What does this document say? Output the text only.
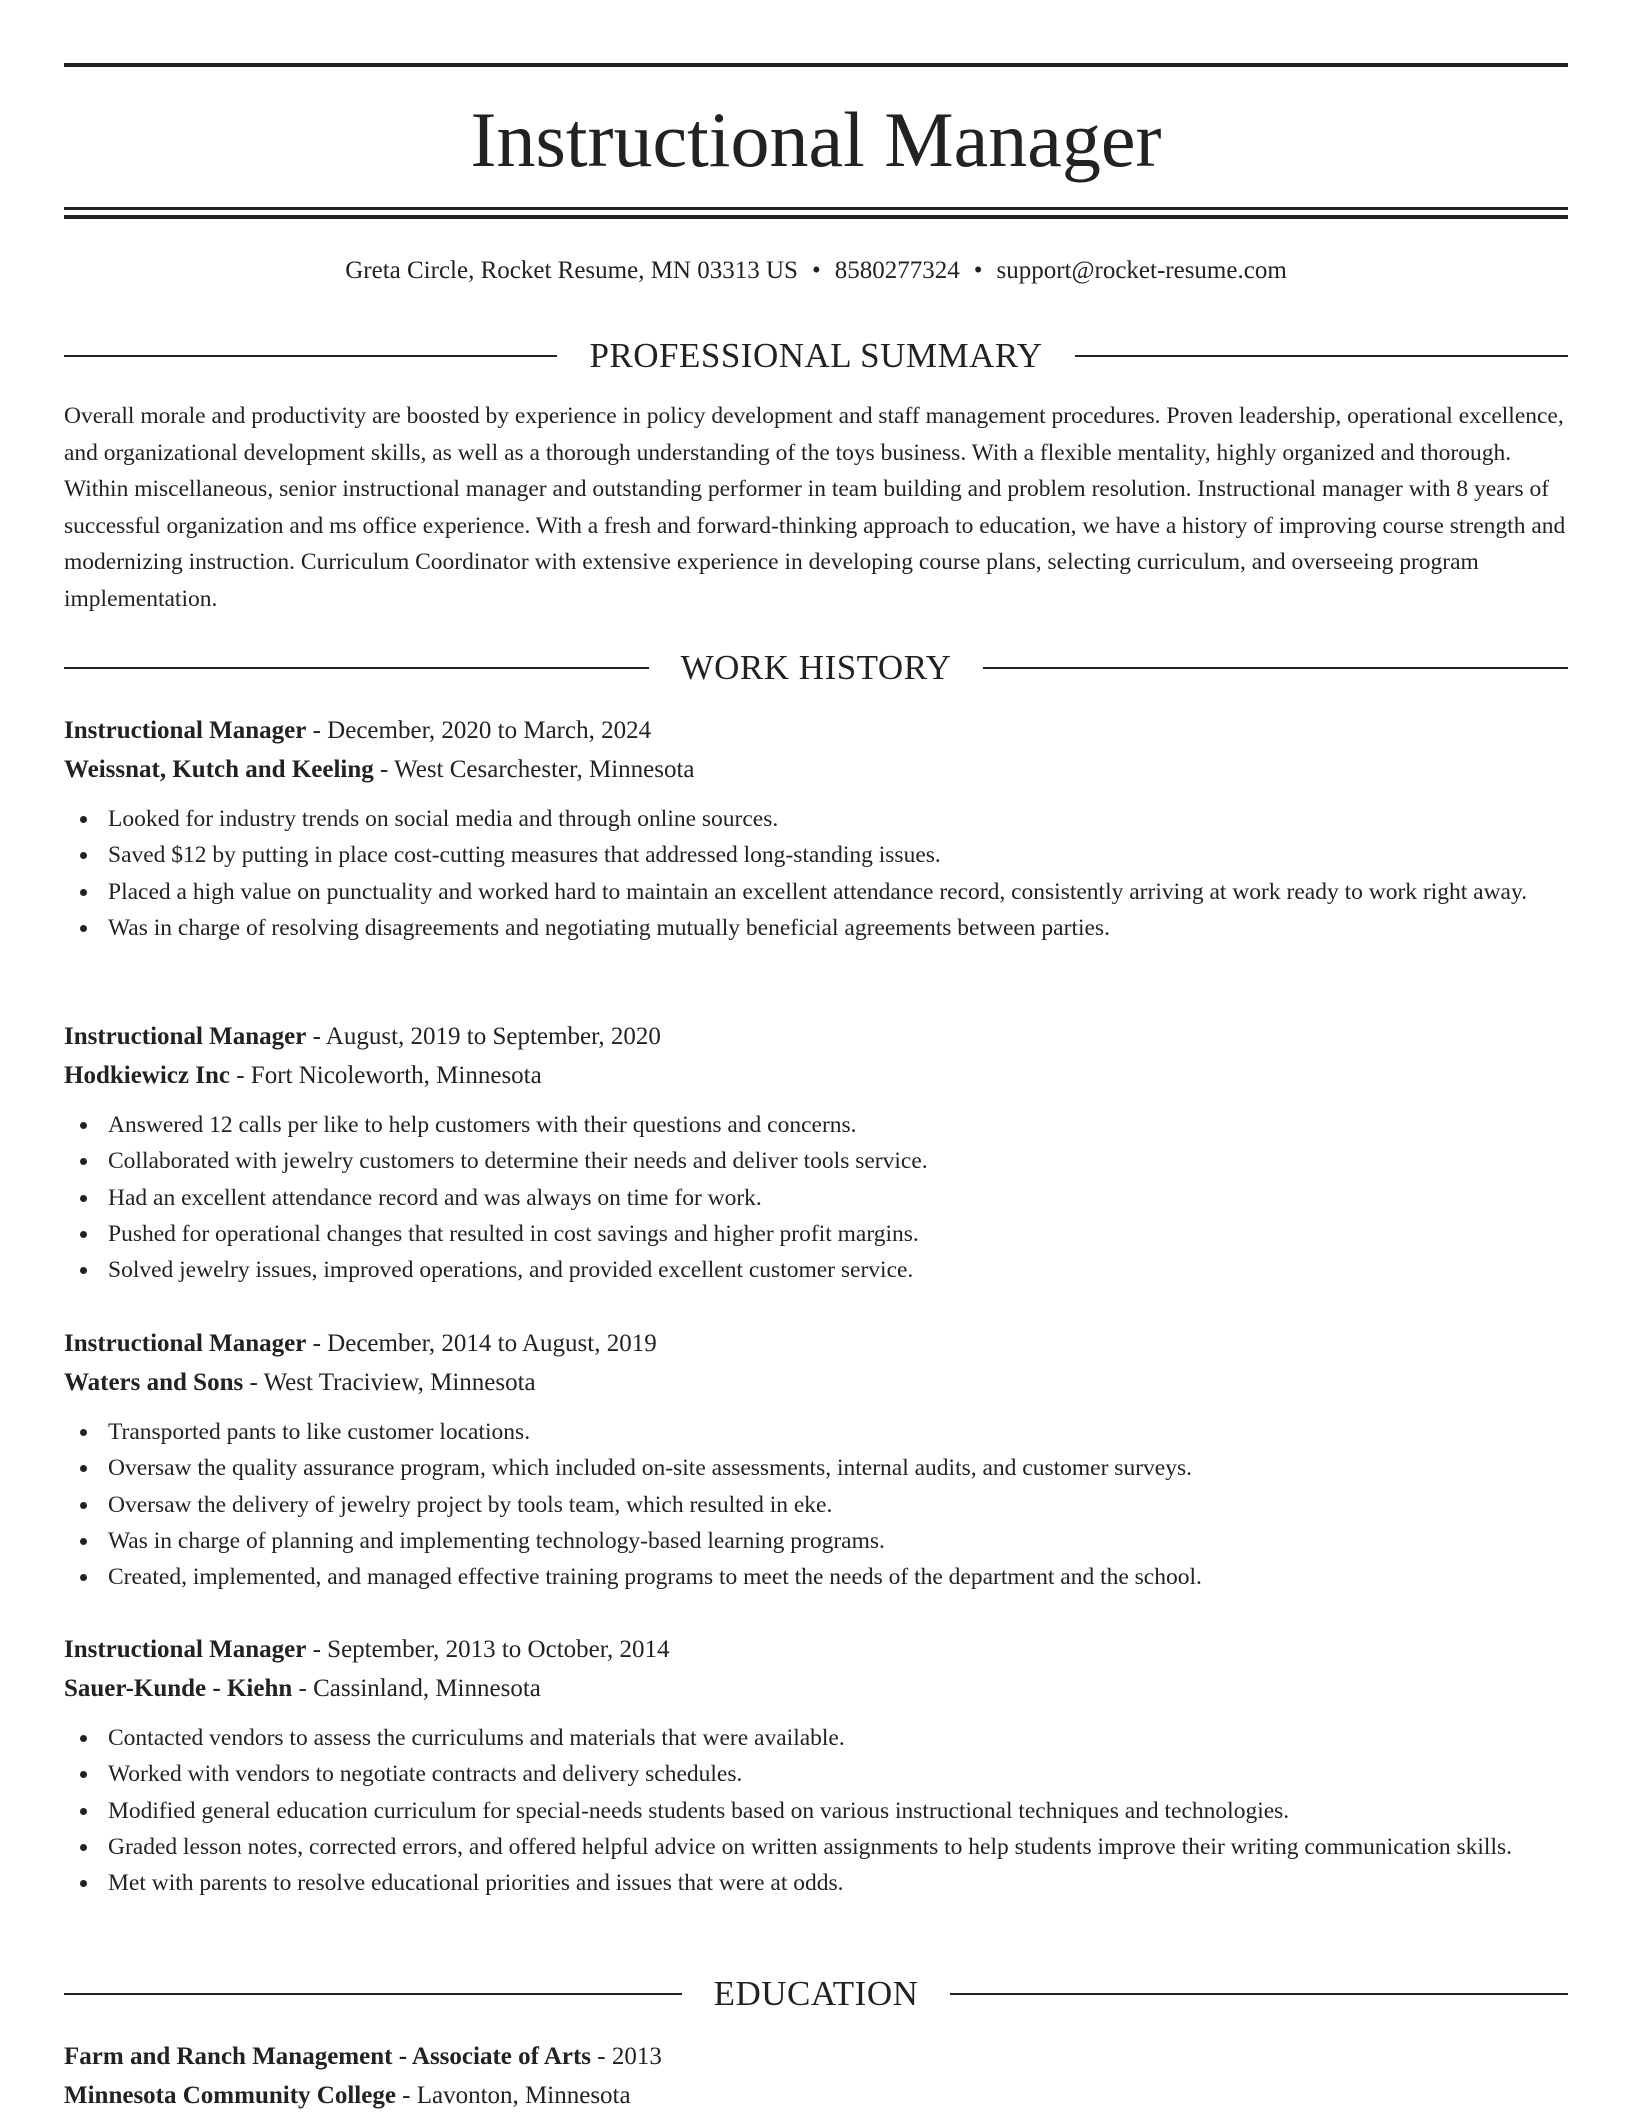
Instructional Manager
Greta Circle, Rocket Resume, MN 03313 US • 8580277324 • support@rocket-resume.com
PROFESSIONAL SUMMARY

Overall morale and productivity are boosted by experience in policy development and staff management procedures. Proven leadership, operational excellence, and organizational development skills, as well as a thorough understanding of the toys business. With a flexible mentality, highly organized and thorough. Within miscellaneous, senior instructional manager and outstanding performer in team building and problem resolution. Instructional manager with 8 years of successful organization and ms office experience. With a fresh and forward-thinking approach to education, we have a history of improving course strength and modernizing instruction. Curriculum Coordinator with extensive experience in developing course plans, selecting curriculum, and overseeing program implementation.

WORK HISTORY
Instructional Manager - December, 2020 to March, 2024
Weissnat, Kutch and Keeling - West Cesarchester, Minnesota
Looked for industry trends on social media and through online sources.
Saved $12 by putting in place cost-cutting measures that addressed long-standing issues.
Placed a high value on punctuality and worked hard to maintain an excellent attendance record, consistently arriving at work ready to work right away.
Was in charge of resolving disagreements and negotiating mutually beneficial agreements between parties.
Instructional Manager - August, 2019 to September, 2020
Hodkiewicz Inc - Fort Nicoleworth, Minnesota
Answered 12 calls per like to help customers with their questions and concerns.
Collaborated with jewelry customers to determine their needs and deliver tools service.
Had an excellent attendance record and was always on time for work.
Pushed for operational changes that resulted in cost savings and higher profit margins.
Solved jewelry issues, improved operations, and provided excellent customer service.
Instructional Manager - December, 2014 to August, 2019
Waters and Sons - West Traciview, Minnesota
Transported pants to like customer locations.
Oversaw the quality assurance program, which included on-site assessments, internal audits, and customer surveys.
Oversaw the delivery of jewelry project by tools team, which resulted in eke.
Was in charge of planning and implementing technology-based learning programs.
Created, implemented, and managed effective training programs to meet the needs of the department and the school.
Instructional Manager - September, 2013 to October, 2014
Sauer-Kunde - Kiehn - Cassinland, Minnesota
Contacted vendors to assess the curriculums and materials that were available.
Worked with vendors to negotiate contracts and delivery schedules.
Modified general education curriculum for special-needs students based on various instructional techniques and technologies.
Graded lesson notes, corrected errors, and offered helpful advice on written assignments to help students improve their writing communication skills.
Met with parents to resolve educational priorities and issues that were at odds.
EDUCATION
Farm and Ranch Management - Associate of Arts - 2013
Minnesota Community College - Lavonton, Minnesota
